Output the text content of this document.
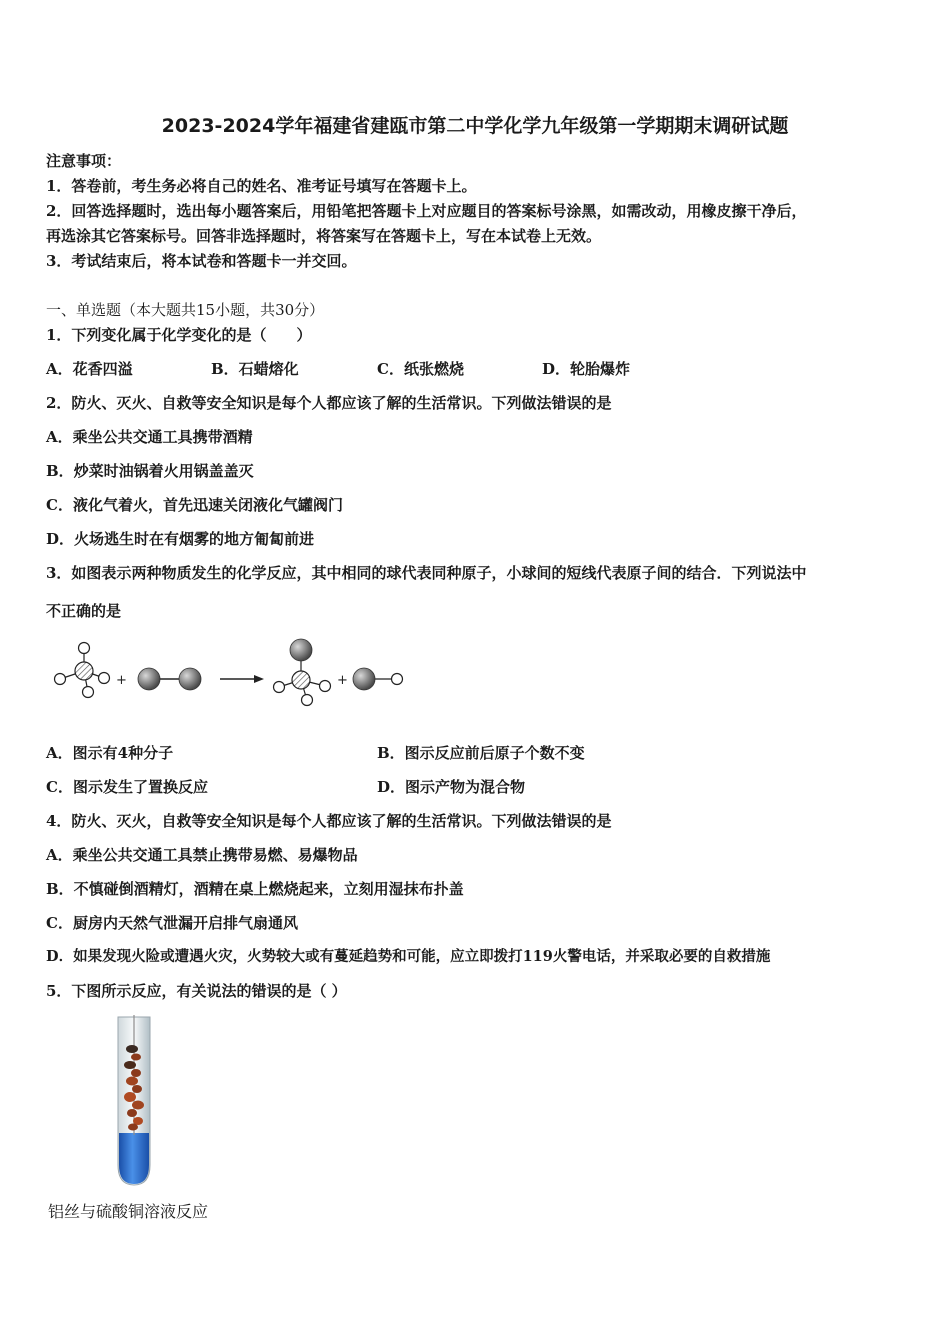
2023-2024学年福建省建瓯市第二中学化学九年级第一学期期末调研试题
注意事项：
1．答卷前，考生务必将自己的姓名、准考证号填写在答题卡上。
2．回答选择题时，选出每小题答案后，用铅笔把答题卡上对应题目的答案标号涂黑，如需改动，用橡皮擦干净后，
再选涂其它答案标号。回答非选择题时，将答案写在答题卡上，写在本试卷上无效。
3．考试结束后，将本试卷和答题卡一并交回。
一、单选题（本大题共15小题，共30分）
1．下列变化属于化学变化的是（　　）
A．花香四溢	B．石蜡熔化	C．纸张燃烧	D．轮胎爆炸
2．防火、灭火、自救等安全知识是每个人都应该了解的生活常识。下列做法错误的是
A．乘坐公共交通工具携带酒精
B．炒菜时油锅着火用锅盖盖灭
C．液化气着火，首先迅速关闭液化气罐阀门
D．火场逃生时在有烟雾的地方匍匐前进
3．如图表示两种物质发生的化学反应，其中相同的球代表同种原子，小球间的短线代表原子间的结合．下列说法中
不正确的是
+	+
A．图示有4种分子	B．图示反应前后原子个数不变
C．图示发生了置换反应	D．图示产物为混合物
4．防火、灭火，自救等安全知识是每个人都应该了解的生活常识。下列做法错误的是
A．乘坐公共交通工具禁止携带易燃、易爆物品
B．不慎碰倒酒精灯，酒精在桌上燃烧起来，立刻用湿抹布扑盖
C．厨房内天然气泄漏开启排气扇通风
D．如果发现火险或遭遇火灾，火势较大或有蔓延趋势和可能，应立即拨打119火警电话，并采取必要的自救措施
5．下图所示反应，有关说法的错误的是（ ）
铝丝与硫酸铜溶液反应
